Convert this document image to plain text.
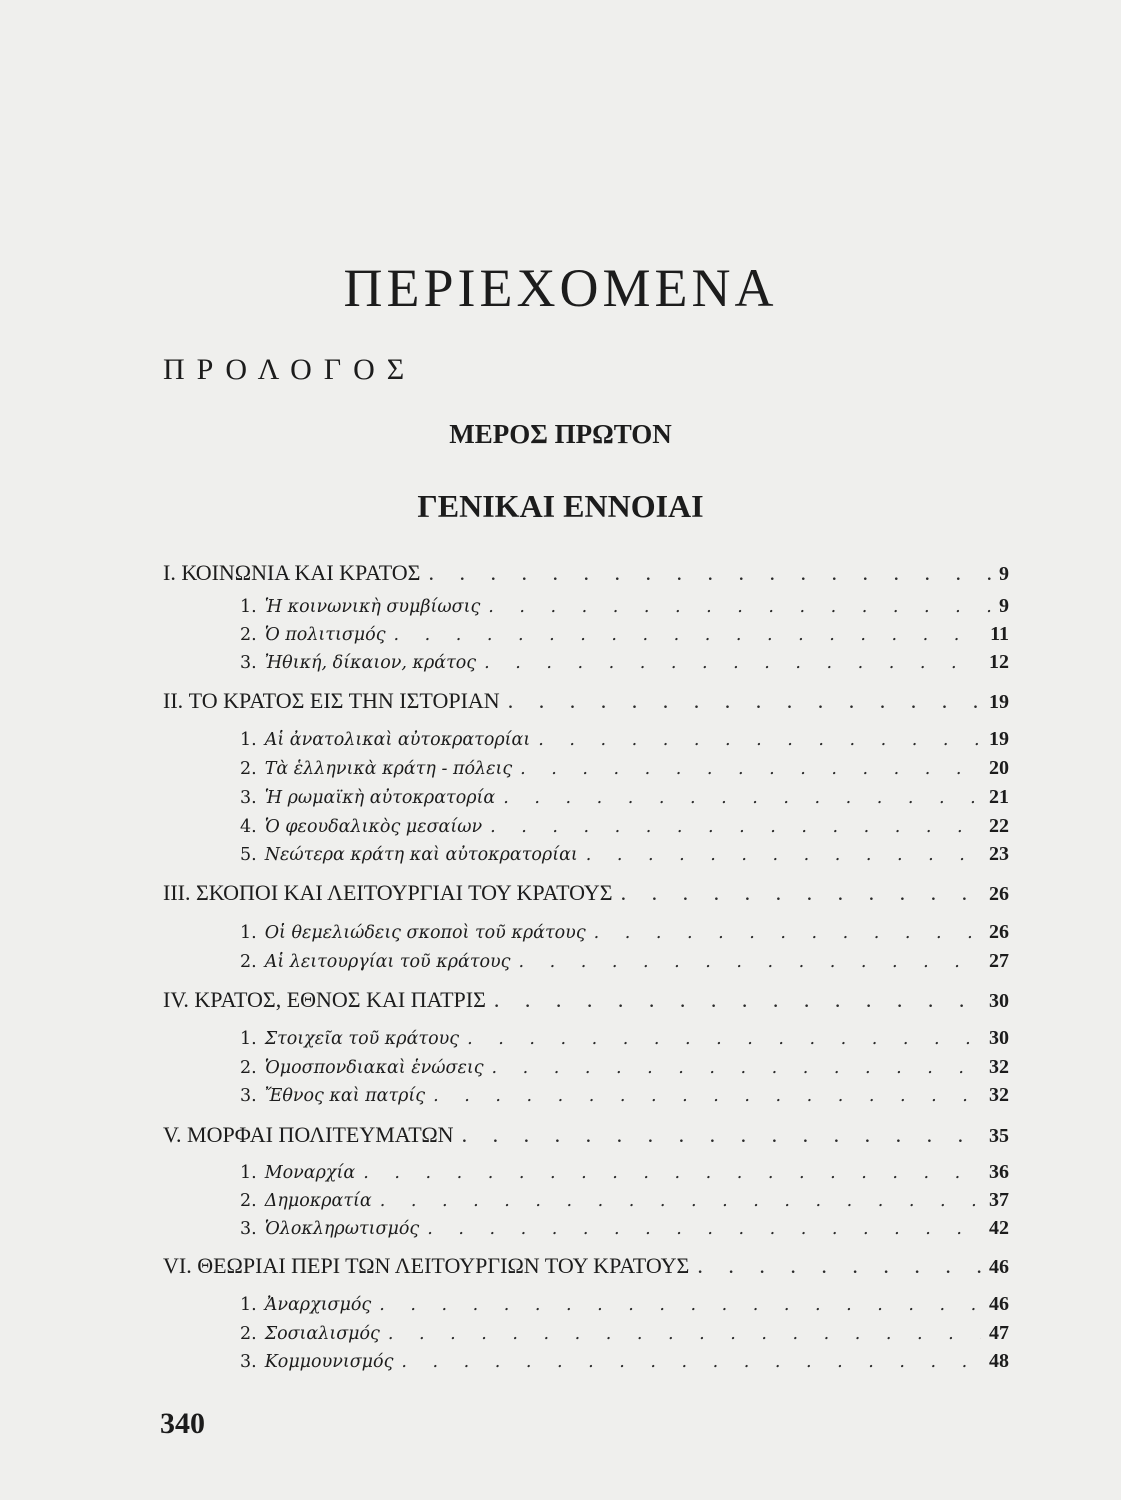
ΠΕΡΙΕΧΟΜΕΝΑ
ΠΡΟΛΟΓΟΣ
ΜΕΡΟΣ ΠΡΩΤΟΝ
ΓΕΝΙΚΑΙ ΕΝΝΟΙΑΙ
I. ΚΟΙΝΩΝΙΑ ΚΑΙ ΚΡΑΤΟΣ . . .	9
1. Ἡ κοινωνικὴ συμβίωσις . . .	9
2. Ὁ πολιτισμός . . .	11
3. Ἠθική, δίκαιον, κράτος . . .	12
II. ΤΟ ΚΡΑΤΟΣ ΕΙΣ ΤΗΝ ΙΣΤΟΡΙΑΝ . . .	19
1. Αἱ ἀνατολικαὶ αὐτοκρατορίαι . . .	19
2. Τὰ ἑλληνικὰ κράτη - πόλεις . . .	20
3. Ἡ ρωμαϊκὴ αὐτοκρατορία . . .	21
4. Ὁ φεουδαλικὸς μεσαίων . . .	22
5. Νεώτερα κράτη καὶ αὐτοκρατορίαι . . .	23
III. ΣΚΟΠΟΙ ΚΑΙ ΛΕΙΤΟΥΡΓΙΑΙ ΤΟΥ ΚΡΑΤΟΥΣ . . .	26
1. Οἱ θεμελιώδεις σκοποὶ τοῦ κράτους . . .	26
2. Αἱ λειτουργίαι τοῦ κράτους . . .	27
IV. ΚΡΑΤΟΣ, ΕΘΝΟΣ ΚΑΙ ΠΑΤΡΙΣ . . .	30
1. Στοιχεῖα τοῦ κράτους . . .	30
2. Ὁμοσπονδιακαὶ ἑνώσεις . . .	32
3. Ἔθνος καὶ πατρίς . . .	32
V. ΜΟΡΦΑΙ ΠΟΛΙΤΕΥΜΑΤΩΝ . . .	35
1. Μοναρχία . . .	36
2. Δημοκρατία . . .	37
3. Ὁλοκληρωτισμός . . .	42
VI. ΘΕΩΡΙΑΙ ΠΕΡΙ ΤΩΝ ΛΕΙΤΟΥΡΓΙΩΝ ΤΟΥ ΚΡΑΤΟΥΣ . . .	46
1. Ἀναρχισμός . . .	46
2. Σοσιαλισμός . . .	47
3. Κομμουνισμός . . .	48
340
